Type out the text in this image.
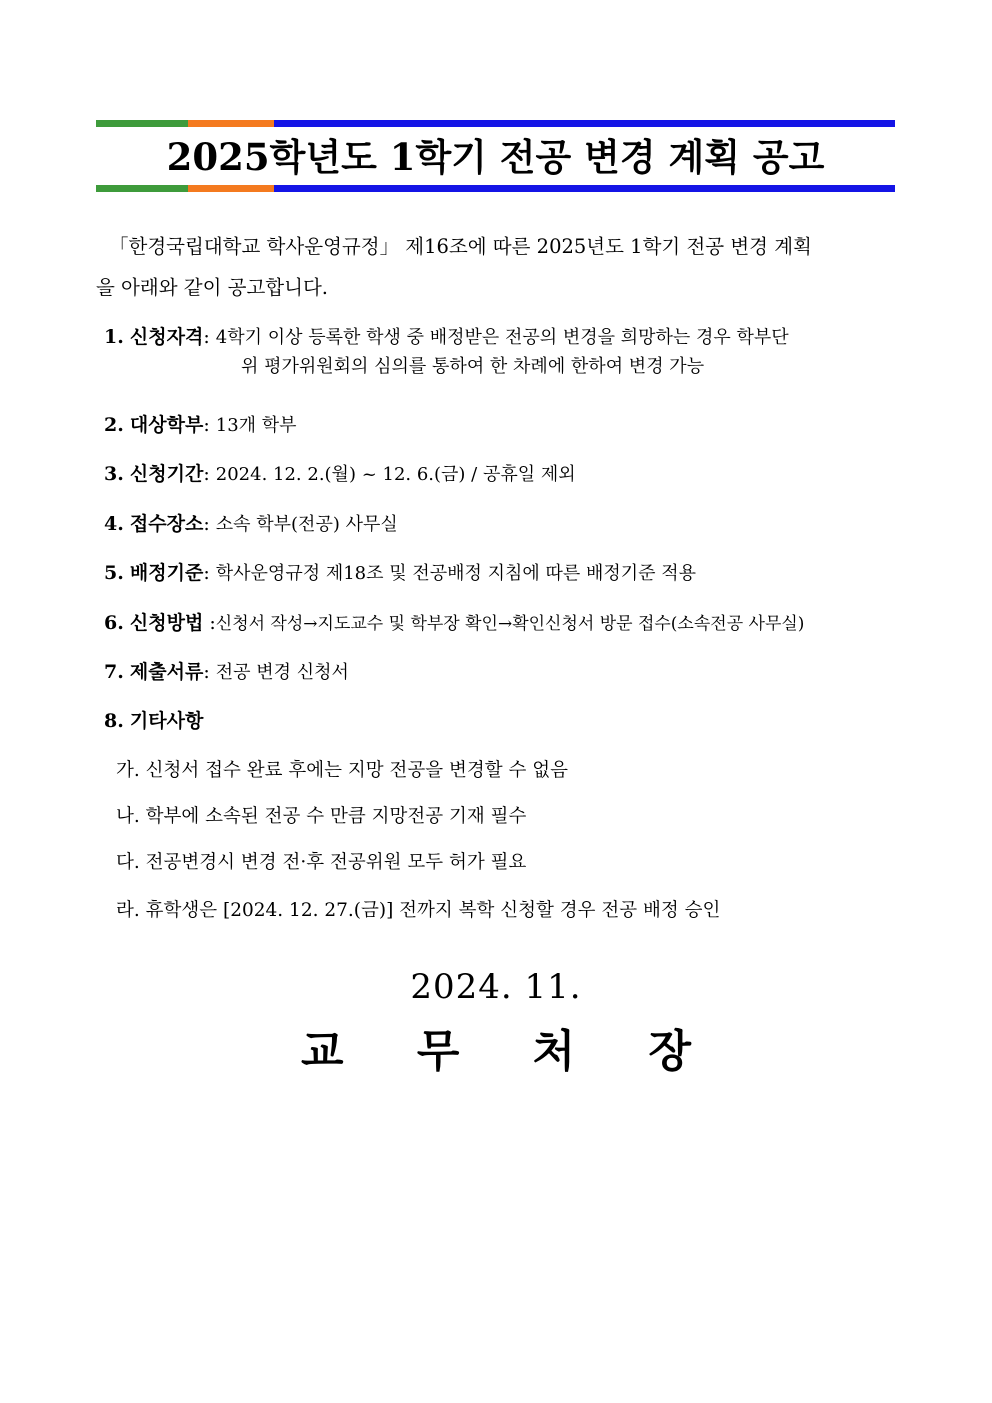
2025학년도 1학기 전공 변경 계획 공고
「한경국립대학교 학사운영규정」 제16조에 따른 2025년도 1학기 전공 변경 계획
을 아래와 같이 공고합니다.
1. 신청자격: 4학기 이상 등록한 학생 중 배정받은 전공의 변경을 희망하는 경우 학부단
위 평가위원회의 심의를 통하여 한 차례에 한하여 변경 가능
2. 대상학부: 13개 학부
3. 신청기간: 2024. 12. 2.(월) ~ 12. 6.(금) / 공휴일 제외
4. 접수장소: 소속 학부(전공) 사무실
5. 배정기준: 학사운영규정 제18조 및 전공배정 지침에 따른 배정기준 적용
6. 신청방법 :신청서 작성→지도교수 및 학부장 확인→확인신청서 방문 접수(소속전공 사무실)
7. 제출서류: 전공 변경 신청서
8. 기타사항
가. 신청서 접수 완료 후에는 지망 전공을 변경할 수 없음
나. 학부에 소속된 전공 수 만큼 지망전공 기재 필수
다. 전공변경시 변경 전·후 전공위원 모두 허가 필요
라. 휴학생은 [2024. 12. 27.(금)] 전까지 복학 신청할 경우 전공 배정 승인
2024. 11.
교 무 처 장
